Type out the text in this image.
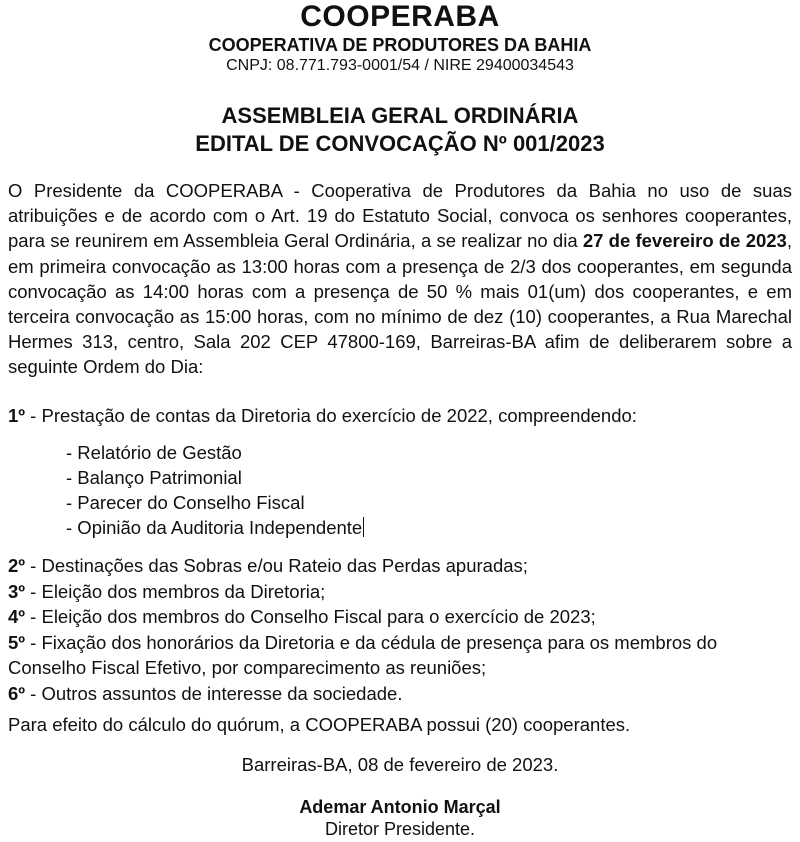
COOPERABA
COOPERATIVA DE PRODUTORES DA BAHIA
CNPJ: 08.771.793-0001/54 / NIRE 29400034543
ASSEMBLEIA GERAL ORDINÁRIA
EDITAL DE CONVOCAÇÃO Nº 001/2023
O Presidente da COOPERABA - Cooperativa de Produtores da Bahia no uso de suas atribuições e de acordo com o Art. 19 do Estatuto Social, convoca os senhores cooperantes, para se reunirem em Assembleia Geral Ordinária, a se realizar no dia 27 de fevereiro de 2023, em primeira convocação as 13:00 horas com a presença de 2/3 dos cooperantes, em segunda convocação as 14:00 horas com a presença de 50 % mais 01(um) dos cooperantes, e em terceira convocação as 15:00 horas, com no mínimo de dez (10) cooperantes, a Rua Marechal Hermes 313, centro, Sala 202 CEP 47800-169, Barreiras-BA afim de deliberarem sobre a seguinte Ordem do Dia:
1º - Prestação de contas da Diretoria do exercício de 2022, compreendendo:
- Relatório de Gestão
- Balanço Patrimonial
- Parecer do Conselho Fiscal
- Opinião da Auditoria Independente
2º - Destinações das Sobras e/ou Rateio das Perdas apuradas;
3º - Eleição dos membros da Diretoria;
4º - Eleição dos membros do Conselho Fiscal para o exercício de 2023;
5º - Fixação dos honorários da Diretoria e da cédula de presença para os membros do Conselho Fiscal Efetivo, por comparecimento as reuniões;
6º - Outros assuntos de interesse da sociedade.
Para efeito do cálculo do quórum, a COOPERABA possui (20) cooperantes.
Barreiras-BA, 08 de fevereiro de 2023.
Ademar Antonio Marçal
Diretor Presidente.
